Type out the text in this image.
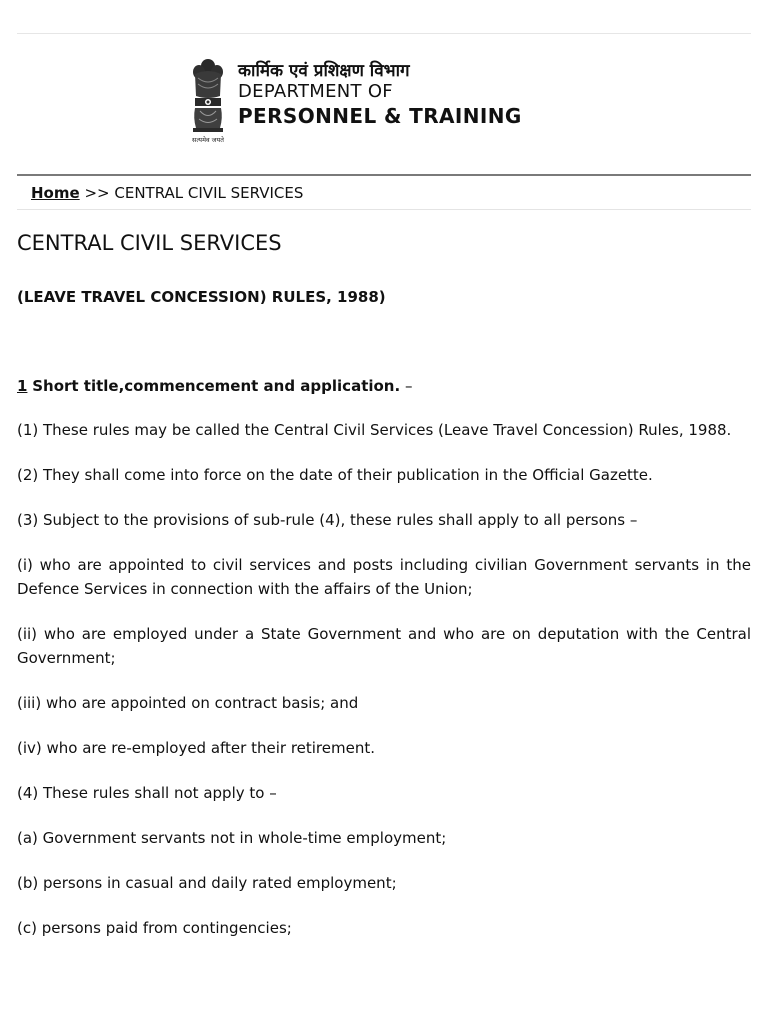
सत्यमेव जयते
कार्मिक एवं प्रशिक्षण विभाग
DEPARTMENT OF
PERSONNEL & TRAINING
Home >> CENTRAL CIVIL SERVICES
CENTRAL CIVIL SERVICES
(LEAVE TRAVEL CONCESSION) RULES, 1988)
1 Short title,commencement and application. –

(1) These rules may be called the Central Civil Services (Leave Travel Concession) Rules, 1988.

(2) They shall come into force on the date of their publication in the Official Gazette.

(3) Subject to the provisions of sub-rule (4), these rules shall apply to all persons –

(i) who are appointed to civil services and posts including civilian Government servants in the Defence Services in connection with the affairs of the Union;

(ii) who are employed under a State Government and who are on deputation with the Central Government;

(iii) who are appointed on contract basis; and

(iv) who are re-employed after their retirement.

(4) These rules shall not apply to –

(a) Government servants not in whole-time employment;

(b) persons in casual and daily rated employment;

(c) persons paid from contingencies;
